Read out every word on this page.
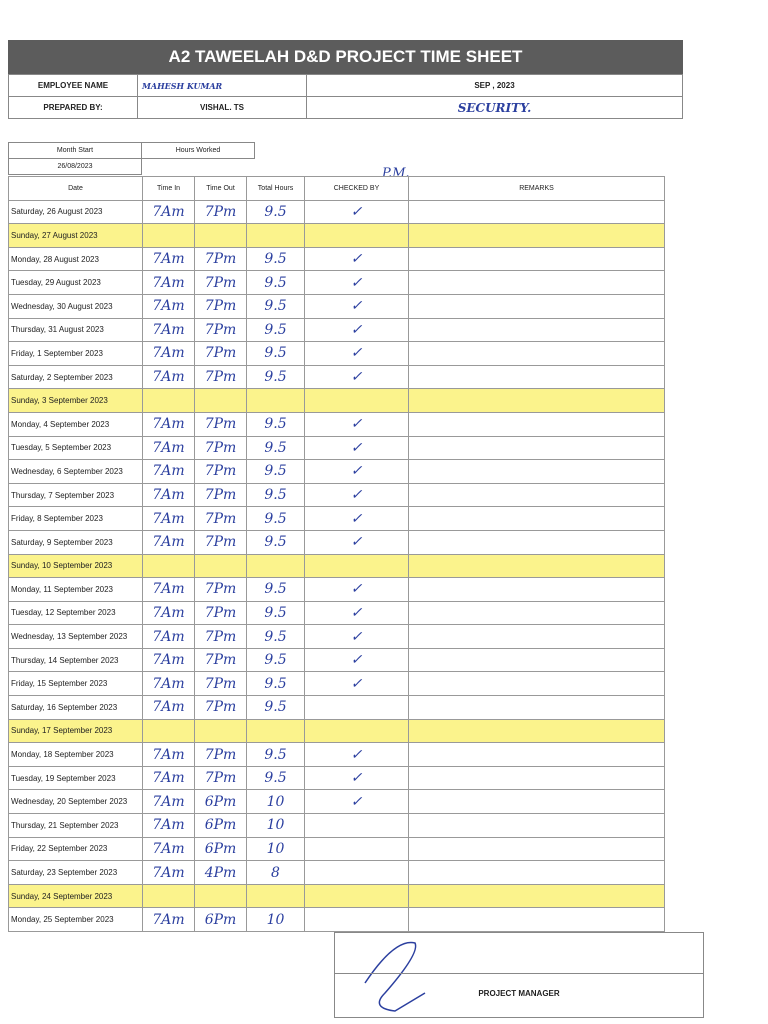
A2 TAWEELAH D&D PROJECT TIME SHEET
EMPLOYEE NAME	MAHESH KUMAR	SEP , 2023
PREPARED BY:	VISHAL. TS	SECURITY.
Month Start	Hours Worked
26/08/2023		P.M.
Date	Time In	Time Out	Total Hours	CHECKED BY	REMARKS
Saturday, 26 August 2023	7Am	7Pm	9.5	✓	
Sunday, 27 August 2023					
Monday, 28 August 2023	7Am	7Pm	9.5	✓	
Tuesday, 29 August 2023	7Am	7Pm	9.5	✓	
Wednesday, 30 August 2023	7Am	7Pm	9.5	✓	
Thursday, 31 August 2023	7Am	7Pm	9.5	✓	
Friday, 1 September 2023	7Am	7Pm	9.5	✓	
Saturday, 2 September 2023	7Am	7Pm	9.5	✓	
Sunday, 3 September 2023					
Monday, 4 September 2023	7Am	7Pm	9.5	✓	
Tuesday, 5 September 2023	7Am	7Pm	9.5	✓	
Wednesday, 6 September 2023	7Am	7Pm	9.5	✓	
Thursday, 7 September 2023	7Am	7Pm	9.5	✓	
Friday, 8 September 2023	7Am	7Pm	9.5	✓	
Saturday, 9 September 2023	7Am	7Pm	9.5	✓	
Sunday, 10 September 2023					
Monday, 11 September 2023	7Am	7Pm	9.5	✓	
Tuesday, 12 September 2023	7Am	7Pm	9.5	✓	
Wednesday, 13 September 2023	7Am	7Pm	9.5	✓	
Thursday, 14 September 2023	7Am	7Pm	9.5	✓	
Friday, 15 September 2023	7Am	7Pm	9.5	✓	
Saturday, 16 September 2023	7Am	7Pm	9.5		
Sunday, 17 September 2023					
Monday, 18 September 2023	7Am	7Pm	9.5	✓	
Tuesday, 19 September 2023	7Am	7Pm	9.5	✓	
Wednesday, 20 September 2023	7Am	6Pm	10	✓	
Thursday, 21 September 2023	7Am	6Pm	10		
Friday, 22 September 2023	7Am	6Pm	10		
Saturday, 23 September 2023	7Am	4Pm	8		
Sunday, 24 September 2023					
Monday, 25 September 2023	7Am	6Pm	10		
PROJECT MANAGER
